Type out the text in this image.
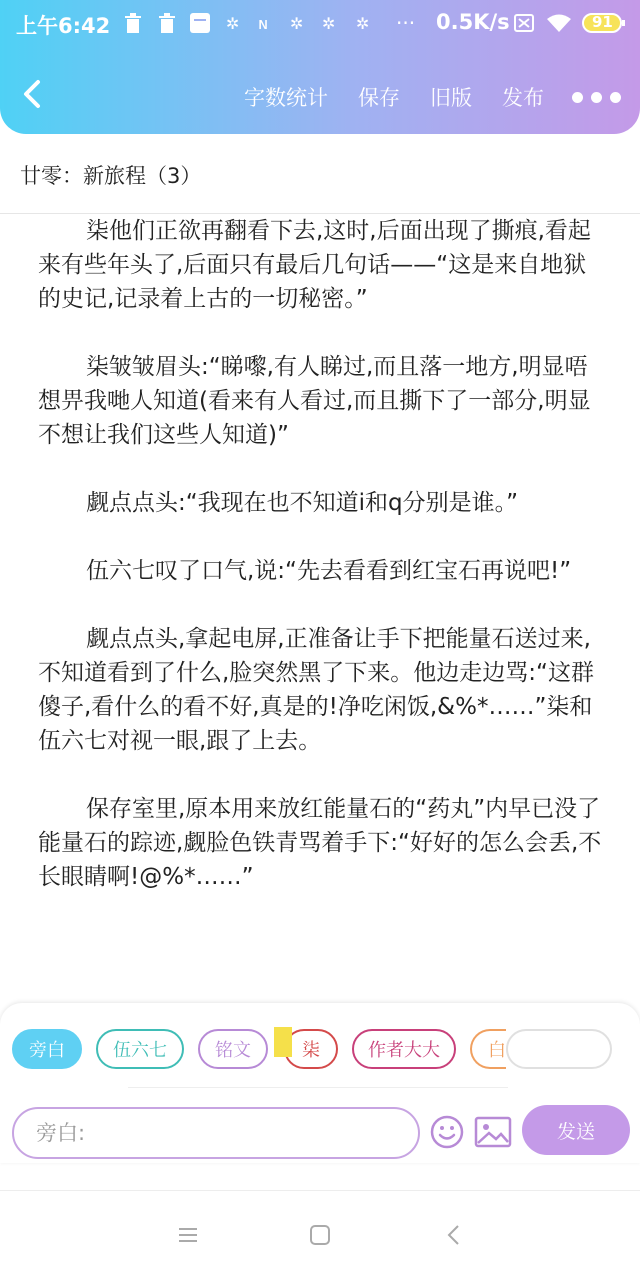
上午6:42	✲ ɴ ✲ ✲ ✲ ··· 0.5K/s	91
字数统计 保存 旧版 发布
廿零：新旅程（3）

柒他们正欲再翻看下去,这时,后面出现了撕痕,看起来有些年头了,后面只有最后几句话——“这是来自地狱的史记,记录着上古的一切秘密。”

柒皱皱眉头:“睇嚟,有人睇过,而且落一地方,明显唔想畀我哋人知道(看来有人看过,而且撕下了一部分,明显不想让我们这些人知道)”

觑点点头:“我现在也不知道i和q分别是谁。”

伍六七叹了口气,说:“先去看看到红宝石再说吧!”

觑点点头,拿起电屏,正准备让手下把能量石送过来,不知道看到了什么,脸突然黑了下来。他边走边骂:“这群傻子,看什么的看不好,真是的!净吃闲饭,&%*……”柒和伍六七对视一眼,跟了上去。

保存室里,原本用来放红能量石的“药丸”内早已没了能量石的踪迹,觑脸色铁青骂着手下:“好好的怎么会丢,不长眼睛啊!@%*……”

旁白	伍六七	铭文	柒	作者大大	白
旁白:
发送
